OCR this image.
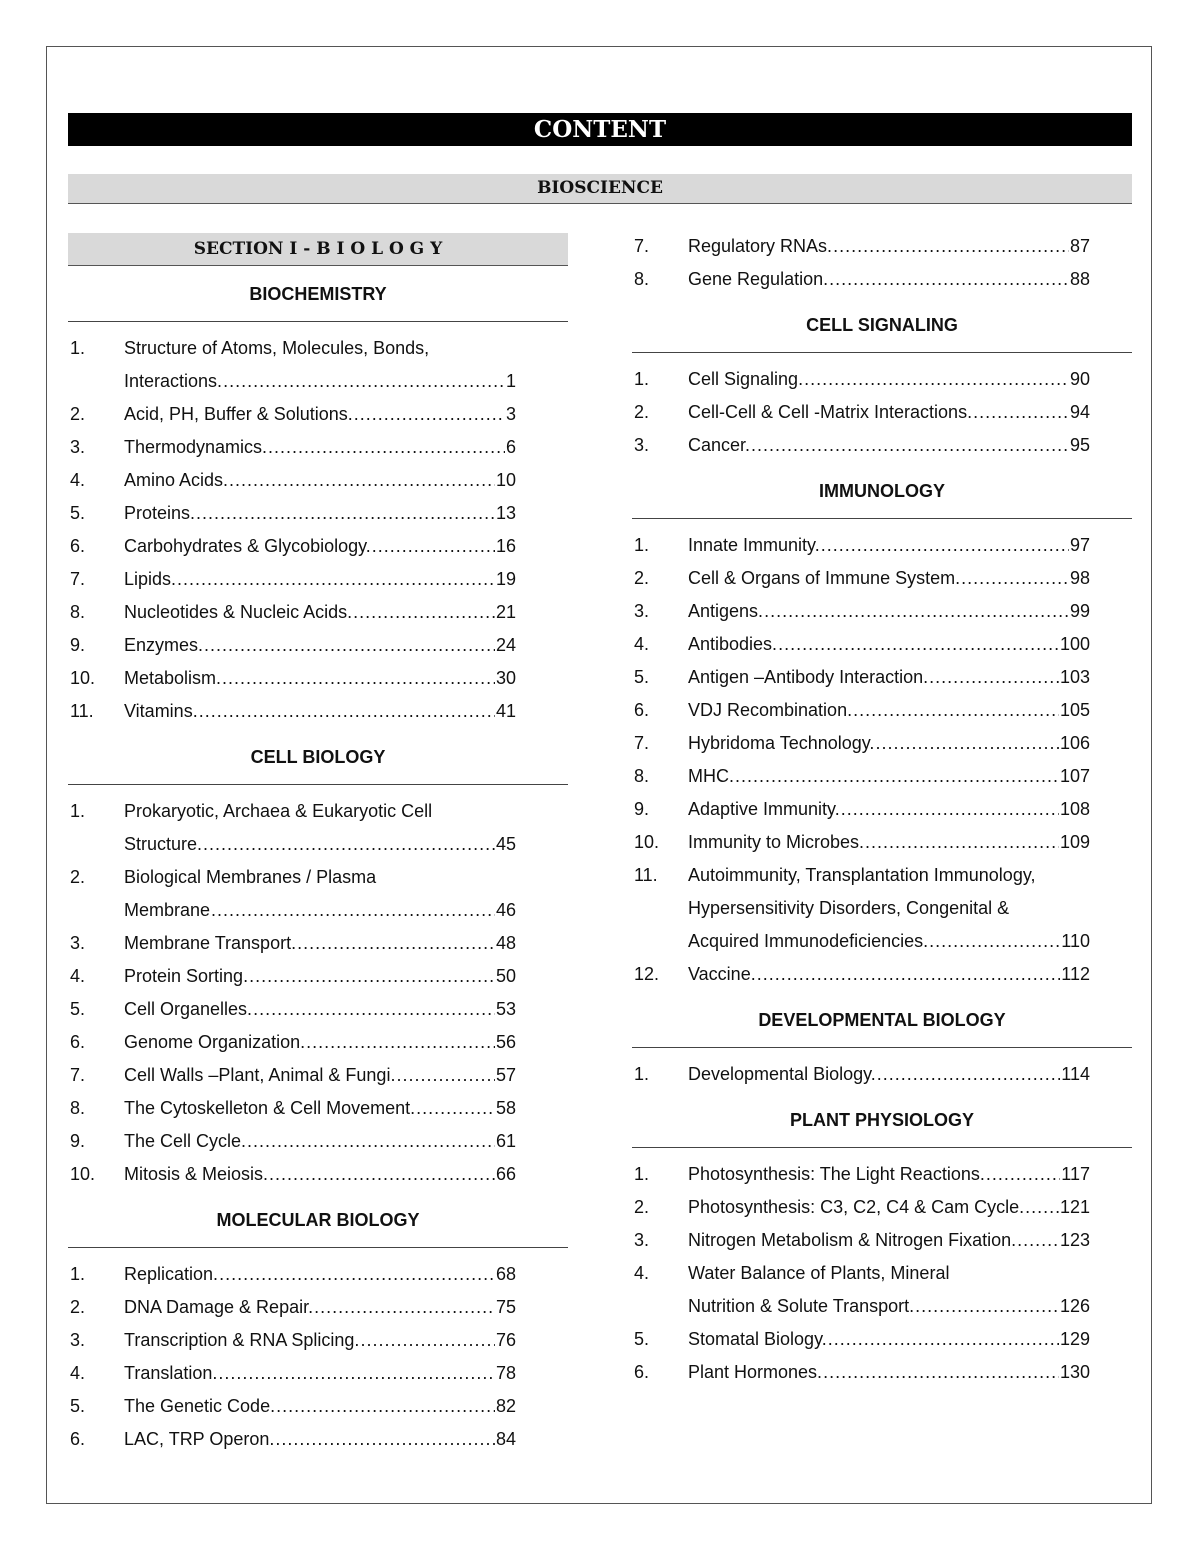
CONTENT
BIOSCIENCE
SECTION I - B I O L O G Y
BIOCHEMISTRY
1.	Structure of Atoms, Molecules, Bonds,
Interactions. .....	1
2.	Acid, PH, Buffer & Solutions. .....	3
3.	Thermodynamics. .....	6
4.	Amino Acids. .....	10
5.	Proteins. .....	13
6.	Carbohydrates & Glycobiology. .....	16
7.	Lipids. .....	19
8.	Nucleotides & Nucleic Acids. .....	21
9.	Enzymes. .....	24
10.	Metabolism. .....	30
11.	Vitamins. .....	41
CELL BIOLOGY
1.	Prokaryotic, Archaea & Eukaryotic Cell
Structure. .....	45
2.	Biological Membranes / Plasma
Membrane .....	46
3.	Membrane Transport. .....	48
4.	Protein Sorting. .....	50
5.	Cell Organelles. .....	53
6.	Genome Organization. .....	56
7.	Cell Walls –Plant, Animal & Fungi. .....	57
8.	The Cytoskelleton & Cell Movement. .....	58
9.	The Cell Cycle. .....	61
10.	Mitosis & Meiosis. .....	66
MOLECULAR BIOLOGY
1.	Replication. .....	68
2.	DNA Damage & Repair. .....	75
3.	Transcription & RNA Splicing. .....	76
4.	Translation. .....	78
5.	The Genetic Code. .....	82
6.	LAC, TRP Operon. .....	84
7.	Regulatory RNAs. .....	87
8.	Gene Regulation. .....	88
CELL SIGNALING
1.	Cell Signaling. .....	90
2.	Cell-Cell & Cell -Matrix Interactions. .....	94
3.	Cancer. .....	95
IMMUNOLOGY
1.	Innate Immunity. .....	97
2.	Cell & Organs of Immune System. .....	98
3.	Antigens. .....	99
4.	Antibodies. .....	100
5.	Antigen –Antibody Interaction. .....	103
6.	VDJ Recombination. .....	105
7.	Hybridoma Technology. .....	106
8.	MHC. .....	107
9.	Adaptive Immunity. .....	108
10.	Immunity to Microbes. .....	109
11.	Autoimmunity, Transplantation Immunology,
Hypersensitivity Disorders, Congenital &
Acquired Immunodeficiencies. .....	110
12.	Vaccine. .....	112
DEVELOPMENTAL BIOLOGY
1.	Developmental Biology. .....	114
PLANT PHYSIOLOGY
1.	Photosynthesis: The Light Reactions. .....	117
2.	Photosynthesis: C3, C2, C4 & Cam Cycle. ..... 121
3.	Nitrogen Metabolism & Nitrogen Fixation. ..... 123
4.	Water Balance of Plants, Mineral
Nutrition & Solute Transport. .....	126
5.	Stomatal Biology. .....	129
6.	Plant Hormones. .....	130
